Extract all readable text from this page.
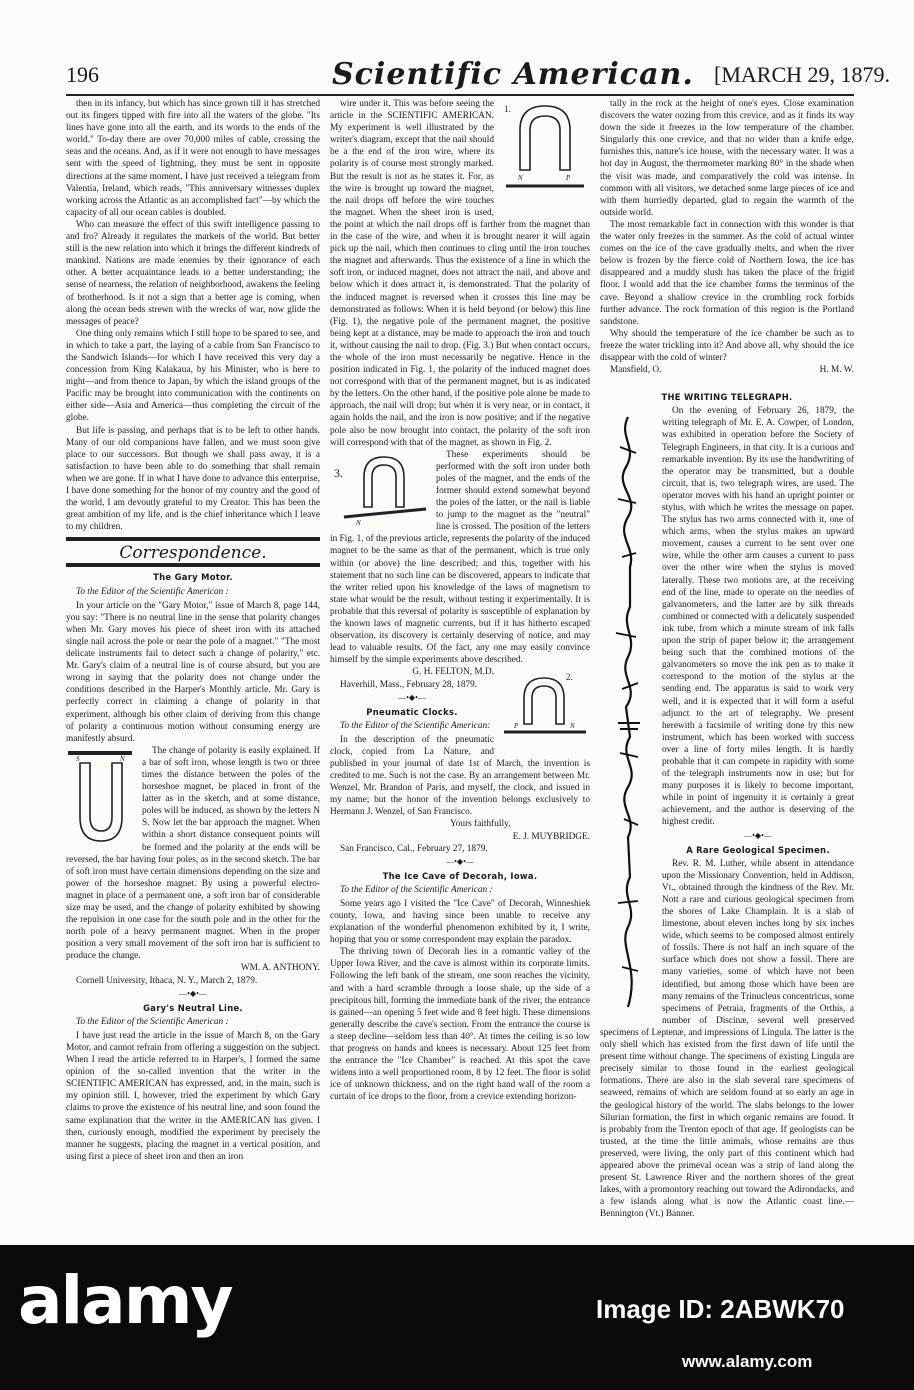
196	Scientific American. [MARCH 29, 1879.

then in its infancy, but which has since grown till it has stretched out its fingers tipped with fire into all the waters of the globe. "Its lines have gone into all the earth, and its words to the ends of the world." To-day there are over 70,000 miles of cable, crossing the seas and the oceans. And, as if it were not enough to have messages sent with the speed of lightning, they must be sent in opposite directions at the same moment. I have just received a telegram from Valentia, Ireland, which reads, "This anniversary witnesses duplex working across the Atlantic as an accomplished fact"—by which the capacity of all our ocean cables is doubled.

Who can measure the effect of this swift intelligence passing to and fro? Already it regulates the markets of the world. But better still is the new relation into which it brings the different kindreds of mankind. Nations are made enemies by their ignorance of each other. A better acquaintance leads to a better understanding; the sense of nearness, the relation of neighborhood, awakens the feeling of brotherhood. Is it not a sign that a better age is coming, when along the ocean beds strewn with the wrecks of war, now glide the messages of peace?

One thing only remains which I still hope to be spared to see, and in which to take a part, the laying of a cable from San Francisco to the Sandwich Islands—for which I have received this very day a concession from King Kalakaua, by his Minister, who is here to night—and from thence to Japan, by which the island groups of the Pacific may be brought into communication with the continents on either side—Asia and America—thus completing the circuit of the globe.

But life is passing, and perhaps that is to be left to other hands. Many of our old companions have fallen, and we must soon give place to our successors. But though we shall pass away, it is a satisfaction to have been able to do something that shall remain when we are gone. If in what I have done to advance this enterprise, I have done something for the honor of my country and the good of the world, I am devoutly grateful to my Creator. This has been the great ambition of my life, and is the chief inheritance which I leave to my children.

Correspondence.
The Gary Motor.
To the Editor of the Scientific American :

In your article on the "Gary Motor," issue of March 8, page 144, you say: "There is no neutral line in the sense that polarity changes when Mr. Gary moves his piece of sheet iron with its attached single nail across the pole or near the pole of a magnet." "The most delicate instruments fail to detect such a change of polarity," etc. Mr. Gary's claim of a neutral line is of course absurd, but you are wrong in saying that the polarity does not change under the conditions described in the Harper's Monthly article. Mr. Gary is perfectly correct in claiming a change of polarity in that experiment, although his other claim of deriving from this change of polarity a continuous motion without consuming energy are manifestly absurd.

S	N

The change of polarity is easily explained. If a bar of soft iron, whose length is two or three times the distance between the poles of the horseshoe magnet, be placed in front of the latter as in the sketch, and at some distance, poles will be induced, as shown by the letters N S. Now let the bar approach the magnet. When within a short distance consequent points will be formed and the polarity at the ends will be reversed, the bar having four poles, as in the second sketch. The bar of soft iron must have certain dimensions depending on the size and power of the horseshoe magnet. By using a powerful electro-magnet in place of a permanent one, a soft iron bar of considerable size may be used, and the change of polarity exhibited by showing the repulsion in one case for the south pole and in the other for the north pole of a heavy permanent magnet. When in the proper position a very small movement of the soft iron bar is sufficient to produce the change.

WM. A. ANTHONY.
Cornell University, Ithaca, N. Y., March 2, 1879.
—•◆•—
Gary's Neutral Line.
To the Editor of the Scientific American :

I have just read the article in the issue of March 8, on the Gary Motor, and cannot refrain from offering a suggestion on the subject. When I read the article referred to in Harper's, I formed the same opinion of the so-called invention that the writer in the SCIENTIFIC AMERICAN has expressed, and, in the main, such is my opinion still. I, however, tried the experiment by which Gary claims to prove the existence of his neutral line, and soon found the same explanation that the writer in the AMERICAN has given. I then, curiously enough, modified the experiment by precisely the manner he suggests, placing the magnet in a vertical position, and using first a piece of sheet iron and then an iron

1.
N	P

wire under it. This was before seeing the article in the SCIENTIFIC AMERICAN. My experiment is well illustrated by the writer's diagram, except that the nail should be a the end of the iron wire, where its polarity is of course most strongly marked. But the result is not as he states it. For, as the wire is brought up toward the magnet, the nail drops off before the wire touches the magnet. When the sheet iron is used, the point at which the nail drops off is farther from the magnet than in the case of the wire, and when it is brought nearer it will again pick up the nail, which then continues to cling until the iron touches the magnet and afterwards. Thus the existence of a line in which the soft iron, or induced magnet, does not attract the nail, and above and below which it does attract it, is demonstrated. That the polarity of the induced magnet is reversed when it crosses this line may be demonstrated as follows: When it is held beyond (or below) this line (Fig. 1), the negative pole of the permanent magnet, the positive being kept at a distance, may be made to approach the iron and touch it, without causing the nail to drop. (Fig. 3.) But when contact occurs, the whole of the iron must necessarily be negative. Hence in the position indicated in Fig. 1, the polarity of the induced magnet does not correspond with that of the permanent magnet, but is as indicated by the letters. On the other hand, if the positive pole alone be made to approach, the nail will drop; but when it is very near, or in contact, it again holds the nail, and the iron is now positive; and if the negative pole also be now brought into contact, the polarity of the soft iron will correspond with that of the magnet, as shown in Fig. 2.

3.
N

These experiments should be performed with the soft iron under both poles of the magnet, and the ends of the former should extend somewhat beyond the poles of the latter, or the nail is liable to jump to the magnet as the "neutral" line is crossed. The position of the letters in Fig. 1, of the previous article, represents the polarity of the induced magnet to be the same as that of the permanent, which is true only within (or above) the line described; and this, together with his statement that no such line can be discovered, appears to indicate that the writer relied upon his knowledge of the laws of magnetism to state what would be the result, without testing it experimentally. It is probable that this reversal of polarity is susceptible of explanation by the known laws of magnetic currents, but if it has hitherto escaped observation, its discovery is certainly deserving of notice, and may lead to valuable results. Of the fact, any one may easily convince himself by the simple experiments above described.

2.
P	N
G. H. FELTON, M.D.
Haverhill, Mass., February 28, 1879.
—•◆•—
Pneumatic Clocks.
To the Editor of the Scientific American:

In the description of the pneumatic clock, copied from La Nature, and published in your journal of date 1st of March, the invention is credited to me. Such is not the case. By an arrangement between Mr. Wenzel, Mr. Brandon of Paris, and myself, the clock, and issued in my name; but the honor of the invention belongs exclusively to Hermann J. Wenzel, of San Francisco.

Yours faithfully,
E. J. MUYBRIDGE.
San Francisco, Cal., February 27, 1879.
—•◆•—
The Ice Cave of Decorah, Iowa.
To the Editor of the Scientific American :

Some years ago I visited the "Ice Cave" of Decorah, Winneshiek county, Iowa, and having since been unable to receive any explanation of the wonderful phenomenon exhibited by it, I write, hoping that you or some correspondent may explain the paradox.

The thriving town of Decorah lies in a romantic valley of the Upper Iowa River, and the cave is almost within its corporate limits. Following the left bank of the stream, one soon reaches the vicinity, and with a hard scramble through a loose shale, up the side of a precipitous hill, forming the immediate bank of the river, the entrance is gained—an opening 5 feet wide and 8 feet high. These dimensions generally describe the cave's section. From the entrance the course is a steep decline—seldom less than 40°. At times the ceiling is so low that progress on hands and knees is necessary. About 125 feet from the entrance the "Ice Chamber" is reached. At this spot the cave widens into a well proportioned room, 8 by 12 feet. The floor is solid ice of unknown thickness, and on the right hand wall of the room a curtain of ice drops to the floor, from a crevice extending horizon-

tally in the rock at the height of one's eyes. Close examination discovers the water oozing from this crevice, and as it finds its way down the side it freezes in the low temperature of the chamber. Singularly this one crevice, and that no wider than a knife edge, furnishes this, nature's ice house, with the necessary water. It was a hot day in August, the thermometer marking 80° in the shade when the visit was made, and comparatively the cold was intense. In common with all visitors, we detached some large pieces of ice and with them hurriedly departed, glad to regain the warmth of the outside world.

The most remarkable fact in connection with this wonder is that the water only freezes in the summer. As the cold of actual winter comes on the ice of the cave gradually melts, and when the river below is frozen by the fierce cold of Northern Iowa, the ice has disappeared and a muddy slush has taken the place of the frigid floor. I would add that the ice chamber forms the terminus of the cave. Beyond a shallow crevice in the crumbling rock forbids further advance. The rock formation of this region is the Portland sandstone.

Why should the temperature of the ice chamber be such as to freeze the water trickling into it? And above all, why should the ice disappear with the cold of winter?

Mansfield, O.	H. M. W.

THE WRITING TELEGRAPH.

On the evening of February 26, 1879, the writing telegraph of Mr. E. A. Cowper, of London, was exhibited in operation before the Society of Telegraph Engineers, in that city. It is a curious and remarkable invention. By its use the handwriting of the operator may be transmitted, but a double circuit, that is, two telegraph wires, are used. The operator moves with his hand an upright pointer or stylus, with which he writes the message on paper. The stylus has two arms connected with it, one of which arms, when the stylus makes an upward movement, causes a current to be sent over one wire, while the other arm causes a current to pass over the other wire when the stylus is moved laterally. These two motions are, at the receiving end of the line, made to operate on the needles of galvanometers, and the latter are by silk threads combined or connected with a delicately suspended ink tube, from which a minute stream of ink falls upon the strip of paper below it; the arrangement being such that the combined motions of the galvanometers so move the ink pen as to make it correspond to the motion of the stylus at the sending end. The apparatus is said to work very well, and it is expected that it will form a useful adjunct to the art of telegraphy. We present herewith a facsimile of writing done by this new instrument, which has been worked with success over a line of forty miles length. It is hardly probable that it can compete in rapidity with some of the telegraph instruments now in use; but for many purposes it is likely to become important, while in point of ingenuity it is certainly a great achievement, and the author is deserving of the highest credit.

—•◆•—
A Rare Geological Specimen.

Rev. R. M. Luther, while absent in attendance upon the Missionary Convention, held in Addison, Vt., obtained through the kindness of the Rev. Mr. Nott a rare and curious geological specimen from the shores of Lake Champlain. It is a slab of limestone, about eleven inches long by six inches wide, which seems to be composed almost entirely of fossils. There is not half an inch square of the surface which does not show a fossil. There are many varieties, some of which have not been identified, but among those which have been are many remains of the Trinucleus concentricus, some specimens of Petraia, fragments of the Orthis, a number of Discinæ, several well preserved specimens of Leptenæ, and impressions of Lingula. The latter is the only shell which has existed from the first dawn of life until the present time without change. The specimens of existing Lingula are precisely similar to those found in the earliest geological formations. There are also in the slab several rare specimens of seaweed, remains of which are seldom found at so early an age in the geological history of the world. The slabs belongs to the lower Silurian formation, the first in which organic remains are found. It is probably from the Trenton epoch of that age. If geologists can be trusted, at the time the little animals, whose remains are thus preserved, were living, the only part of this continent which had appeared above the primeval ocean was a strip of land along the present St. Lawrence River and the northern shores of the great lakes, with a promontory reaching out toward the Adirondacks, and a few islands along what is now the Atlantic coast line.—Bennington (Vt.) Banner.

alamy	Image ID: 2ABWK70
www.alamy.com
